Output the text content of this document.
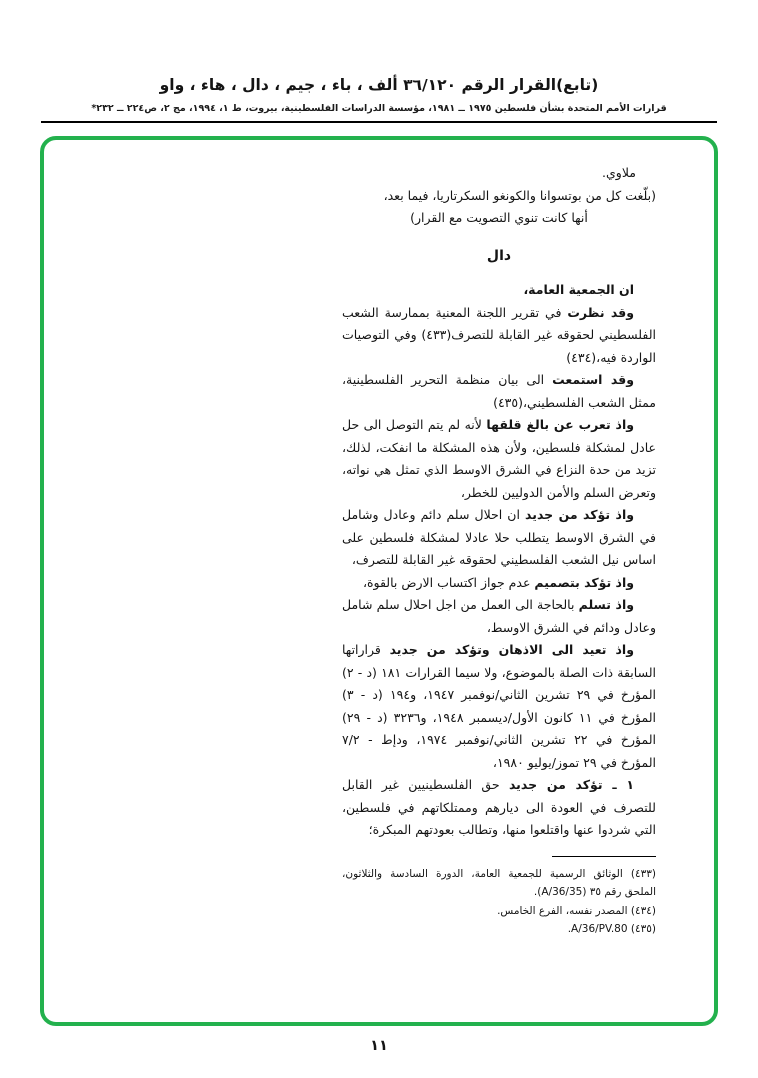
(تابع)القرار الرقم ٣٦/١٢٠ ألف ، باء ، جيم ، دال ، هاء ، واو
قرارات الأمم المتحدة بشأن فلسطين ١٩٧٥ ــ ١٩٨١، مؤسسة الدراسات الفلسطينية، بيروت، ط ١، ١٩٩٤، مج ٢، ص٢٢٤ ــ ٢٣٢*
ملاوي.
(بلّغت كل من بوتسوانا والكونغو السكرتاريا، فيما بعد،
أنها كانت تنوي التصويت مع القرار)
دال

ان الجمعية العامة،

وقد نظرت في تقرير اللجنة المعنية بممارسة الشعب الفلسطيني لحقوقه غير القابلة للتصرف(٤٣٣) وفي التوصيات الواردة فيه،(٤٣٤)

وقد استمعت الى بيان منظمة التحرير الفلسطينية، ممثل الشعب الفلسطيني،(٤٣٥)

واذ تعرب عن بالغ قلقها لأنه لم يتم التوصل الى حل عادل لمشكلة فلسطين، ولأن هذه المشكلة ما انفكت، لذلك، تزيد من حدة النزاع في الشرق الاوسط الذي تمثل هي نواته، وتعرض السلم والأمن الدوليين للخطر،

واذ تؤكد من جديد ان احلال سلم دائم وعادل وشامل في الشرق الاوسط يتطلب حلا عادلا لمشكلة فلسطين على اساس نيل الشعب الفلسطيني لحقوقه غير القابلة للتصرف،

واذ تؤكد بتصميم عدم جواز اكتساب الارض بالقوة،

واذ تسلم بالحاجة الى العمل من اجل احلال سلم شامل وعادل ودائم في الشرق الاوسط،

واذ تعيد الى الاذهان وتؤكد من جديد قراراتها السابقة ذات الصلة بالموضوع، ولا سيما القرارات ١٨١ (د - ٢) المؤرخ في ٢٩ تشرين الثاني/نوفمبر ١٩٤٧، و١٩٤ (د - ٣) المؤرخ في ١١ كانون الأول/ديسمبر ١٩٤٨، و٣٢٣٦ (د - ٢٩) المؤرخ في ٢٢ تشرين الثاني/نوفمبر ١٩٧٤، ودإط - ٧/٢ المؤرخ في ٢٩ تموز/يوليو ١٩٨٠،

١ ـ تؤكد من جديد حق الفلسطينيين غير القابل للتصرف في العودة الى ديارهم وممتلكاتهم في فلسطين، التي شردوا عنها واقتلعوا منها، وتطالب بعودتهم المبكرة؛

(٤٣٣) الوثائق الرسمية للجمعية العامة، الدورة السادسة والثلاثون، الملحق رقم ٣٥ (A/36/35).

(٤٣٤) المصدر نفسه، الفرع الخامس.

(٤٣٥) A/36/PV.80.

١١
